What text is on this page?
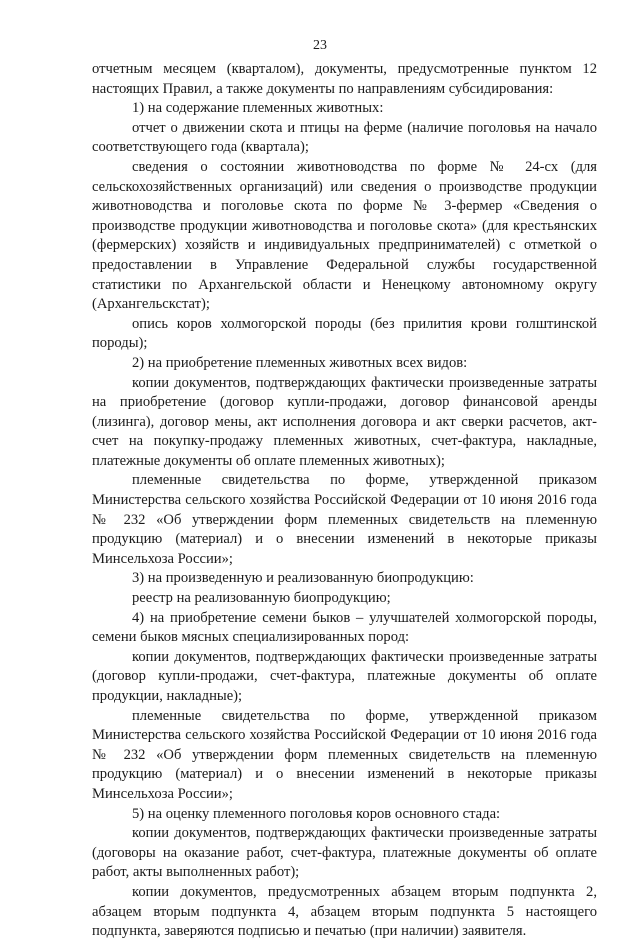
23

отчетным месяцем (кварталом), документы, предусмотренные пунктом 12 настоящих Правил, а также документы по направлениям субсидирования:

1) на содержание племенных животных:

отчет о движении скота и птицы на ферме (наличие поголовья на начало соответствующего года (квартала);

сведения о состоянии животноводства по форме № 24-сх (для сельскохозяйственных организаций) или сведения о производстве продукции животноводства и поголовье скота по форме № 3-фермер «Сведения о производстве продукции животноводства и поголовье скота» (для крестьянских (фермерских) хозяйств и индивидуальных предпринимателей) с отметкой о предоставлении в Управление Федеральной службы государственной статистики по Архангельской области и Ненецкому автономному округу (Архангельскстат);

опись коров холмогорской породы (без прилития крови голштинской породы);

2) на приобретение племенных животных всех видов:

копии документов, подтверждающих фактически произведенные затраты на приобретение (договор купли-продажи, договор финансовой аренды (лизинга), договор мены, акт исполнения договора и акт сверки расчетов, акт-счет на покупку-продажу племенных животных, счет-фактура, накладные, платежные документы об оплате племенных животных);

племенные свидетельства по форме, утвержденной приказом Министерства сельского хозяйства Российской Федерации от 10 июня 2016 года № 232 «Об утверждении форм племенных свидетельств на племенную продукцию (материал) и о внесении изменений в некоторые приказы Минсельхоза России»;

3) на произведенную и реализованную биопродукцию:

реестр на реализованную биопродукцию;

4) на приобретение семени быков – улучшателей холмогорской породы, семени быков мясных специализированных пород:

копии документов, подтверждающих фактически произведенные затраты (договор купли-продажи, счет-фактура, платежные документы об оплате продукции, накладные);

племенные свидетельства по форме, утвержденной приказом Министерства сельского хозяйства Российской Федерации от 10 июня 2016 года № 232 «Об утверждении форм племенных свидетельств на племенную продукцию (материал) и о внесении изменений в некоторые приказы Минсельхоза России»;

5) на оценку племенного поголовья коров основного стада:

копии документов, подтверждающих фактически произведенные затраты (договоры на оказание работ, счет-фактура, платежные документы об оплате работ, акты выполненных работ);

копии документов, предусмотренных абзацем вторым подпункта 2, абзацем вторым подпункта 4, абзацем вторым подпункта 5 настоящего подпункта, заверяются подписью и печатью (при наличии) заявителя.
